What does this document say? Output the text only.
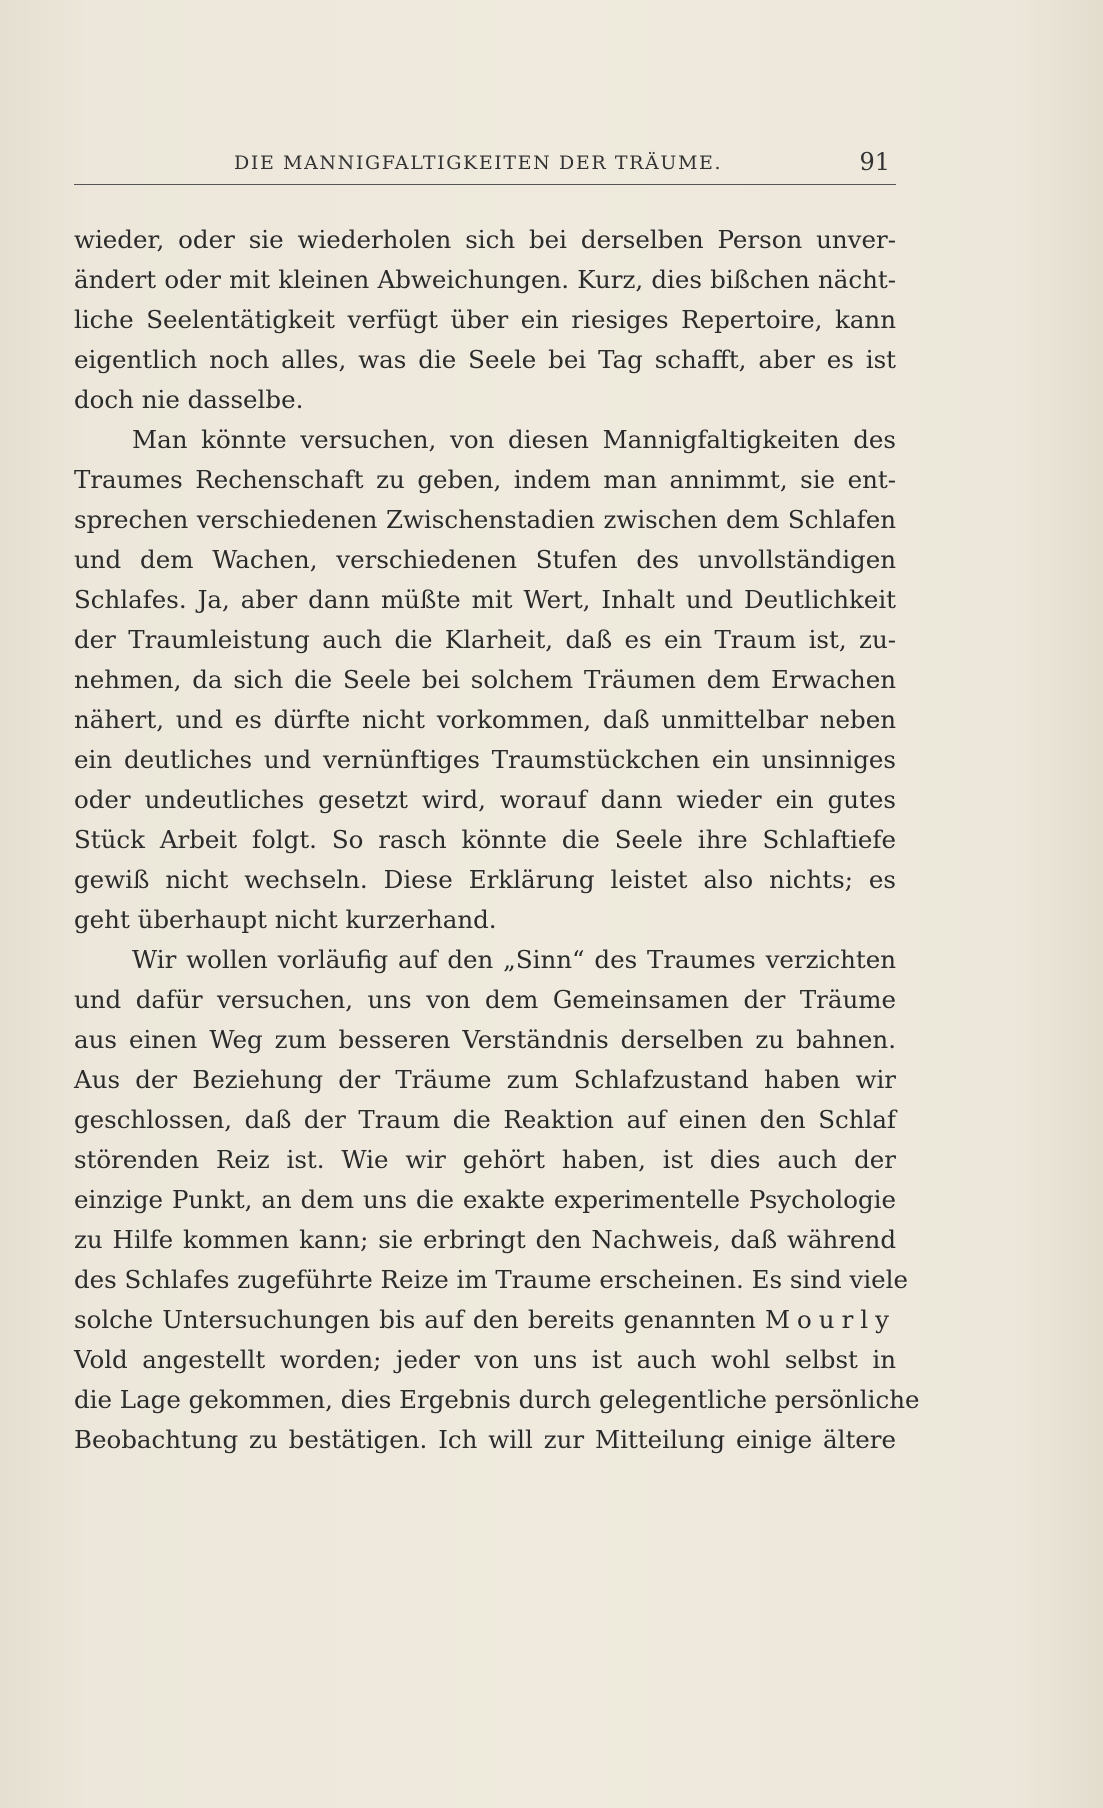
DIE MANNIGFALTIGKEITEN DER TRÄUME.	91
wieder, oder sie wiederholen sich bei derselben Person unver-
ändert oder mit kleinen Abweichungen. Kurz, dies bißchen nächt-
liche Seelentätigkeit verfügt über ein riesiges Repertoire, kann
eigentlich noch alles, was die Seele bei Tag schafft, aber es ist
doch nie dasselbe.
Man könnte versuchen, von diesen Mannigfaltigkeiten des
Traumes Rechenschaft zu geben, indem man annimmt, sie ent-
sprechen verschiedenen Zwischenstadien zwischen dem Schlafen
und dem Wachen, verschiedenen Stufen des unvollständigen
Schlafes. Ja, aber dann müßte mit Wert, Inhalt und Deutlichkeit
der Traumleistung auch die Klarheit, daß es ein Traum ist, zu-
nehmen, da sich die Seele bei solchem Träumen dem Erwachen
nähert, und es dürfte nicht vorkommen, daß unmittelbar neben
ein deutliches und vernünftiges Traumstückchen ein unsinniges
oder undeutliches gesetzt wird, worauf dann wieder ein gutes
Stück Arbeit folgt. So rasch könnte die Seele ihre Schlaftiefe
gewiß nicht wechseln. Diese Erklärung leistet also nichts; es
geht überhaupt nicht kurzerhand.
Wir wollen vorläufig auf den „Sinn“ des Traumes verzichten
und dafür versuchen, uns von dem Gemeinsamen der Träume
aus einen Weg zum besseren Verständnis derselben zu bahnen.
Aus der Beziehung der Träume zum Schlafzustand haben wir
geschlossen, daß der Traum die Reaktion auf einen den Schlaf
störenden Reiz ist. Wie wir gehört haben, ist dies auch der
einzige Punkt, an dem uns die exakte experimentelle Psychologie
zu Hilfe kommen kann; sie erbringt den Nachweis, daß während
des Schlafes zugeführte Reize im Traume erscheinen. Es sind viele
solche Untersuchungen bis auf den bereits genannten Mourly
Vold angestellt worden; jeder von uns ist auch wohl selbst in
die Lage gekommen, dies Ergebnis durch gelegentliche persönliche
Beobachtung zu bestätigen. Ich will zur Mitteilung einige ältere
